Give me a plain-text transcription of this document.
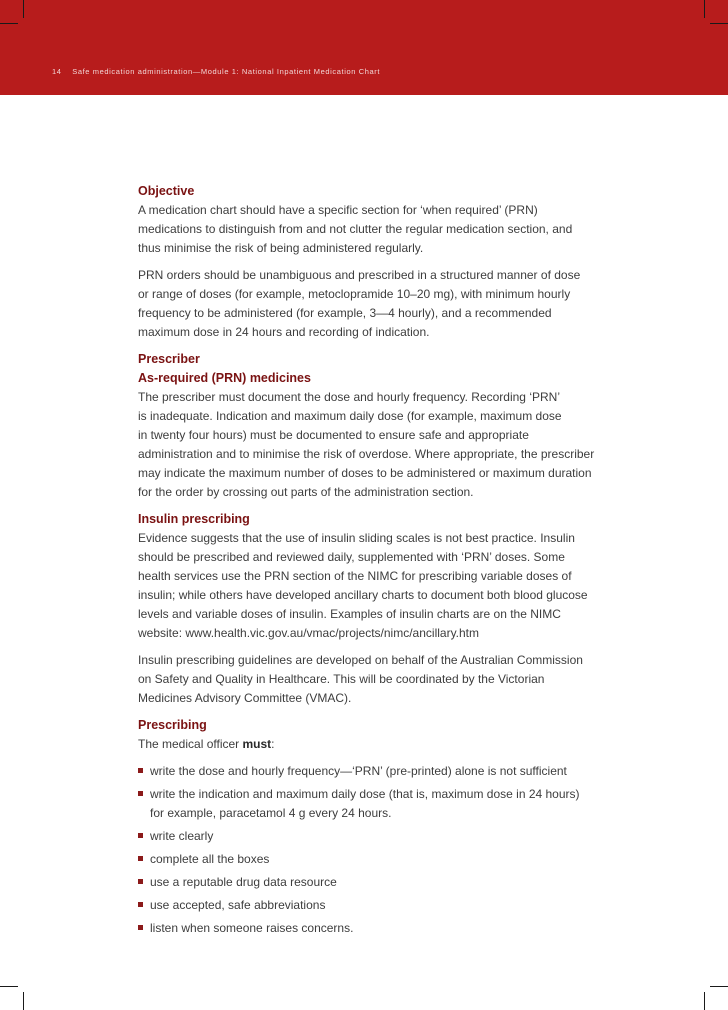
14 Safe medication administration—Module 1: National Inpatient Medication Chart
Objective

A medication chart should have a specific section for ‘when required’ (PRN)
medications to distinguish from and not clutter the regular medication section, and
thus minimise the risk of being administered regularly.

PRN orders should be unambiguous and prescribed in a structured manner of dose
or range of doses (for example, metoclopramide 10–20 mg), with minimum hourly
frequency to be administered (for example, 3—4 hourly), and a recommended
maximum dose in 24 hours and recording of indication.

Prescriber
As-required (PRN) medicines

The prescriber must document the dose and hourly frequency. Recording ‘PRN’
is inadequate. Indication and maximum daily dose (for example, maximum dose
in twenty four hours) must be documented to ensure safe and appropriate
administration and to minimise the risk of overdose. Where appropriate, the prescriber
may indicate the maximum number of doses to be administered or maximum duration
for the order by crossing out parts of the administration section.

Insulin prescribing

Evidence suggests that the use of insulin sliding scales is not best practice. Insulin
should be prescribed and reviewed daily, supplemented with ‘PRN’ doses. Some
health services use the PRN section of the NIMC for prescribing variable doses of
insulin; while others have developed ancillary charts to document both blood glucose
levels and variable doses of insulin. Examples of insulin charts are on the NIMC
website: www.health.vic.gov.au/vmac/projects/nimc/ancillary.htm

Insulin prescribing guidelines are developed on behalf of the Australian Commission
on Safety and Quality in Healthcare. This will be coordinated by the Victorian
Medicines Advisory Committee (VMAC).

Prescribing

The medical officer must:

write the dose and hourly frequency—‘PRN’ (pre-printed) alone is not sufficient
write the indication and maximum daily dose (that is, maximum dose in 24 hours)
for example, paracetamol 4 g every 24 hours.
write clearly
complete all the boxes
use a reputable drug data resource
use accepted, safe abbreviations
listen when someone raises concerns.
